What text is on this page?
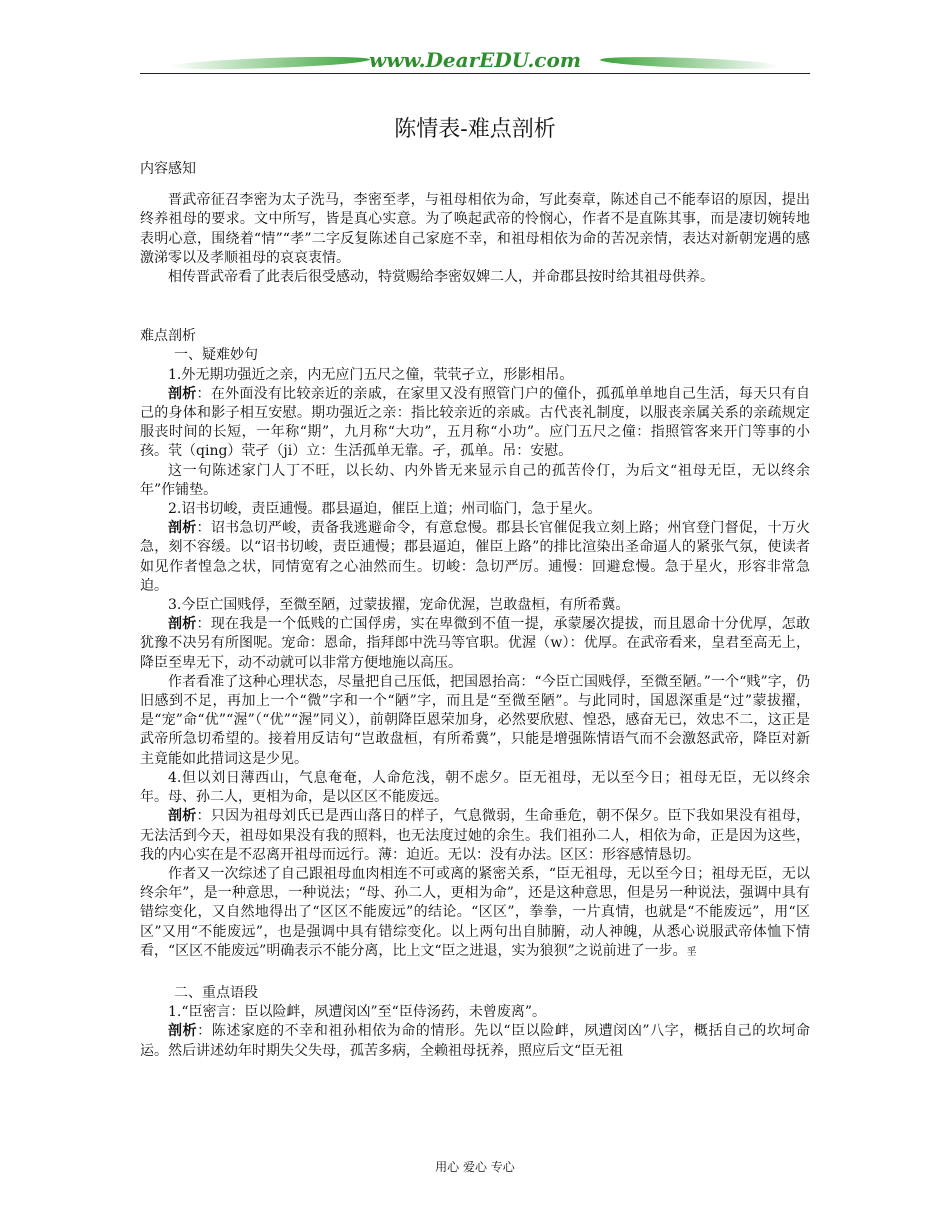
www.DearEDU.com
陈情表-难点剖析

内容感知

晋武帝征召李密为太子洗马，李密至孝，与祖母相依为命，写此奏章，陈述自己不能奉诏的原因，提出终养祖母的要求。文中所写，皆是真心实意。为了唤起武帝的怜悯心，作者不是直陈其事，而是凄切婉转地表明心意，围绕着“情”“孝”二字反复陈述自己家庭不幸，和祖母相依为命的苦况亲情，表达对新朝宠遇的感激涕零以及孝顺祖母的哀哀衷情。

相传晋武帝看了此表后很受感动，特赏赐给李密奴婢二人，并命郡县按时给其祖母供养。

难点剖析

一、疑难妙句

1.外无期功强近之亲，内无应门五尺之僮，茕茕孑立，形影相吊。

剖析：在外面没有比较亲近的亲戚，在家里又没有照管门户的僮仆，孤孤单单地自己生活，每天只有自己的身体和影子相互安慰。期功强近之亲：指比较亲近的亲戚。古代丧礼制度，以服丧亲属关系的亲疏规定服丧时间的长短，一年称“期”，九月称“大功”，五月称“小功”。应门五尺之僮：指照管客来开门等事的小孩。茕（qing）茕孑（ji）立：生活孤单无靠。孑，孤单。吊：安慰。

这一句陈述家门人丁不旺，以长幼、内外皆无来显示自己的孤苦伶仃，为后文“祖母无臣，无以终余年”作铺垫。

2.诏书切峻，责臣逋慢。郡县逼迫，催臣上道；州司临门，急于星火。

剖析：诏书急切严峻，责备我逃避命令，有意怠慢。郡县长官催促我立刻上路；州官登门督促，十万火急，刻不容缓。以“诏书切峻，责臣逋慢；郡县逼迫，催臣上路”的排比渲染出圣命逼人的紧张气氛，使读者如见作者惶急之状，同情宽宥之心油然而生。切峻：急切严厉。逋慢：回避怠慢。急于星火，形容非常急迫。

3.今臣亡国贱俘，至微至陋，过蒙拔擢，宠命优渥，岂敢盘桓，有所希冀。

剖析：现在我是一个低贱的亡国俘虏，实在卑微到不值一提，承蒙屡次提拔，而且恩命十分优厚，怎敢犹豫不决另有所图呢。宠命：恩命，指拜郎中洗马等官职。优渥（w）：优厚。在武帝看来，皇君至高无上，降臣至卑无下，动不动就可以非常方便地施以高压。

作者看准了这种心理状态，尽量把自己压低，把国恩抬高：“今臣亡国贱俘，至微至陋。”一个“贱”字，仍旧感到不足，再加上一个“微”字和一个“陋”字，而且是“至微至陋”。与此同时，国恩深重是“过”蒙拔擢，是“宠”命“优”“渥”（“优”“渥”同义），前朝降臣恩荣加身，必然要欣慰、惶恐，感奋无已，效忠不二，这正是武帝所急切希望的。接着用反诘句“岂敢盘桓，有所希冀”，只能是增强陈情语气而不会激怒武帝，降臣对新主竟能如此措词这是少见。

4.但以刘日薄西山，气息奄奄，人命危浅，朝不虑夕。臣无祖母，无以至今日；祖母无臣，无以终余年。母、孙二人，更相为命，是以区区不能废远。

剖析：只因为祖母刘氏已是西山落日的样子，气息微弱，生命垂危，朝不保夕。臣下我如果没有祖母，无法活到今天，祖母如果没有我的照料，也无法度过她的余生。我们祖孙二人，相依为命，正是因为这些，我的内心实在是不忍离开祖母而远行。薄：迫近。无以：没有办法。区区：形容感情恳切。

作者又一次综述了自己跟祖母血肉相连不可或离的紧密关系，“臣无祖母，无以至今日；祖母无臣，无以终余年”，是一种意思，一种说法；“母、孙二人，更相为命”，还是这种意思，但是另一种说法，强调中具有错综变化，又自然地得出了“区区不能废远”的结论。“区区”，拳拳，一片真情，也就是“不能废远”，用“区区”又用“不能废远”，也是强调中具有错综变化。以上两句出自肺腑，动人神魄，从悉心说服武帝体恤下情看，“区区不能废远”明确表示不能分离，比上文“臣之进退，实为狼狈”之说前进了一步。㸒

二、重点语段

1.“臣密言：臣以险衅，夙遭闵凶”至“臣侍汤药，未曾废离”。

剖析：陈述家庭的不幸和祖孙相依为命的情形。先以“臣以险衅，夙遭闵凶”八字，概括自己的坎坷命运。然后讲述幼年时期失父失母，孤苦多病，全赖祖母抚养，照应后文“臣无祖

用心 爱心 专心
